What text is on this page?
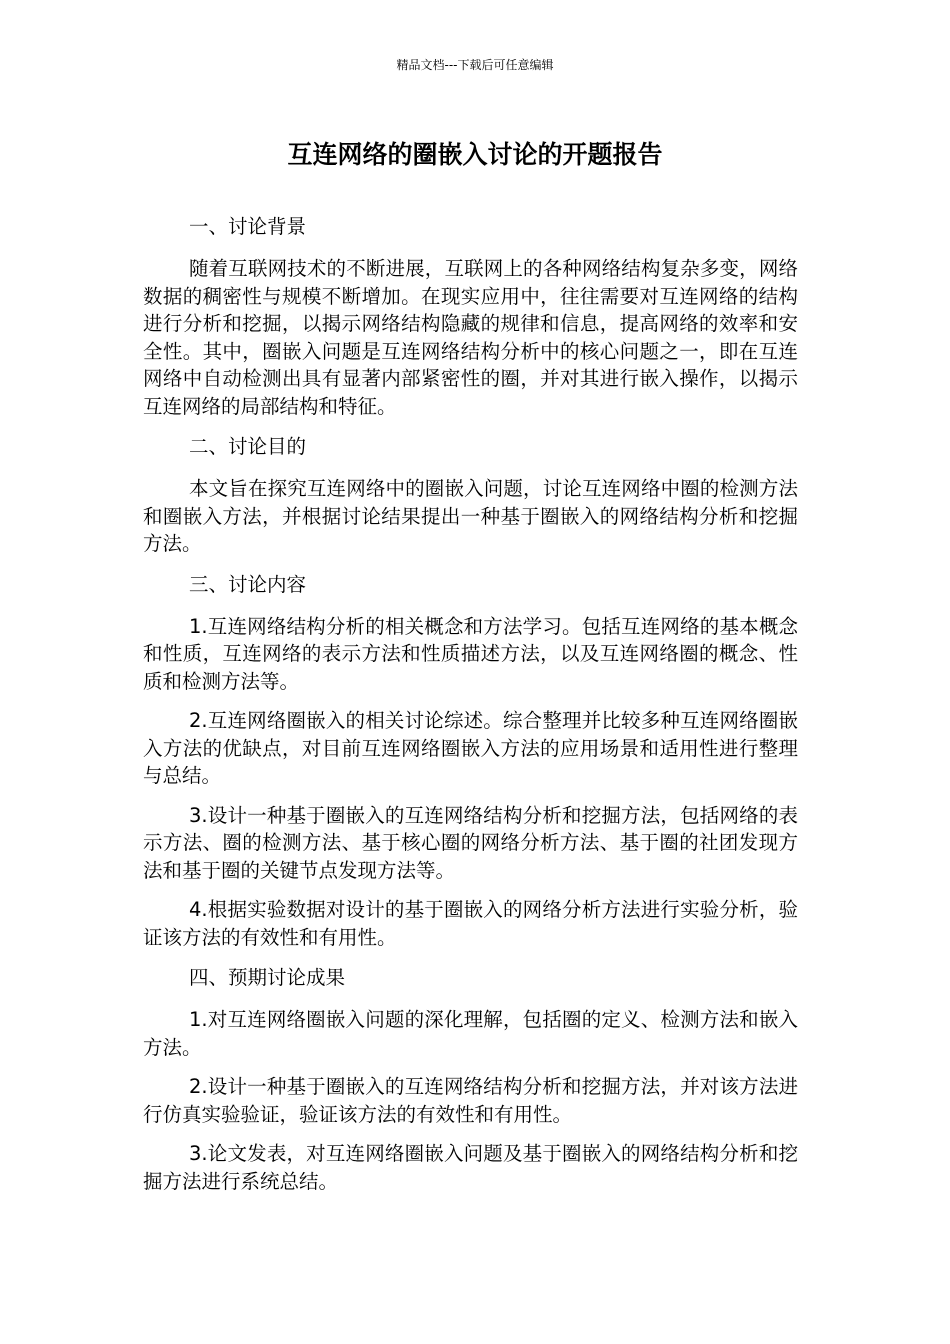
精品文档---下载后可任意编辑
互连网络的圈嵌入讨论的开题报告

一、讨论背景

随着互联网技术的不断进展，互联网上的各种网络结构复杂多变，网络数据的稠密性与规模不断增加。在现实应用中，往往需要对互连网络的结构进行分析和挖掘，以揭示网络结构隐藏的规律和信息，提高网络的效率和安全性。其中，圈嵌入问题是互连网络结构分析中的核心问题之一，即在互连网络中自动检测出具有显著内部紧密性的圈，并对其进行嵌入操作，以揭示互连网络的局部结构和特征。

二、讨论目的

本文旨在探究互连网络中的圈嵌入问题，讨论互连网络中圈的检测方法和圈嵌入方法，并根据讨论结果提出一种基于圈嵌入的网络结构分析和挖掘方法。

三、讨论内容

1.互连网络结构分析的相关概念和方法学习。包括互连网络的基本概念和性质，互连网络的表示方法和性质描述方法，以及互连网络圈的概念、性质和检测方法等。

2.互连网络圈嵌入的相关讨论综述。综合整理并比较多种互连网络圈嵌入方法的优缺点，对目前互连网络圈嵌入方法的应用场景和适用性进行整理与总结。

3.设计一种基于圈嵌入的互连网络结构分析和挖掘方法，包括网络的表示方法、圈的检测方法、基于核心圈的网络分析方法、基于圈的社团发现方法和基于圈的关键节点发现方法等。

4.根据实验数据对设计的基于圈嵌入的网络分析方法进行实验分析，验证该方法的有效性和有用性。

四、预期讨论成果

1.对互连网络圈嵌入问题的深化理解，包括圈的定义、检测方法和嵌入方法。

2.设计一种基于圈嵌入的互连网络结构分析和挖掘方法，并对该方法进行仿真实验验证，验证该方法的有效性和有用性。

3.论文发表，对互连网络圈嵌入问题及基于圈嵌入的网络结构分析和挖掘方法进行系统总结。
